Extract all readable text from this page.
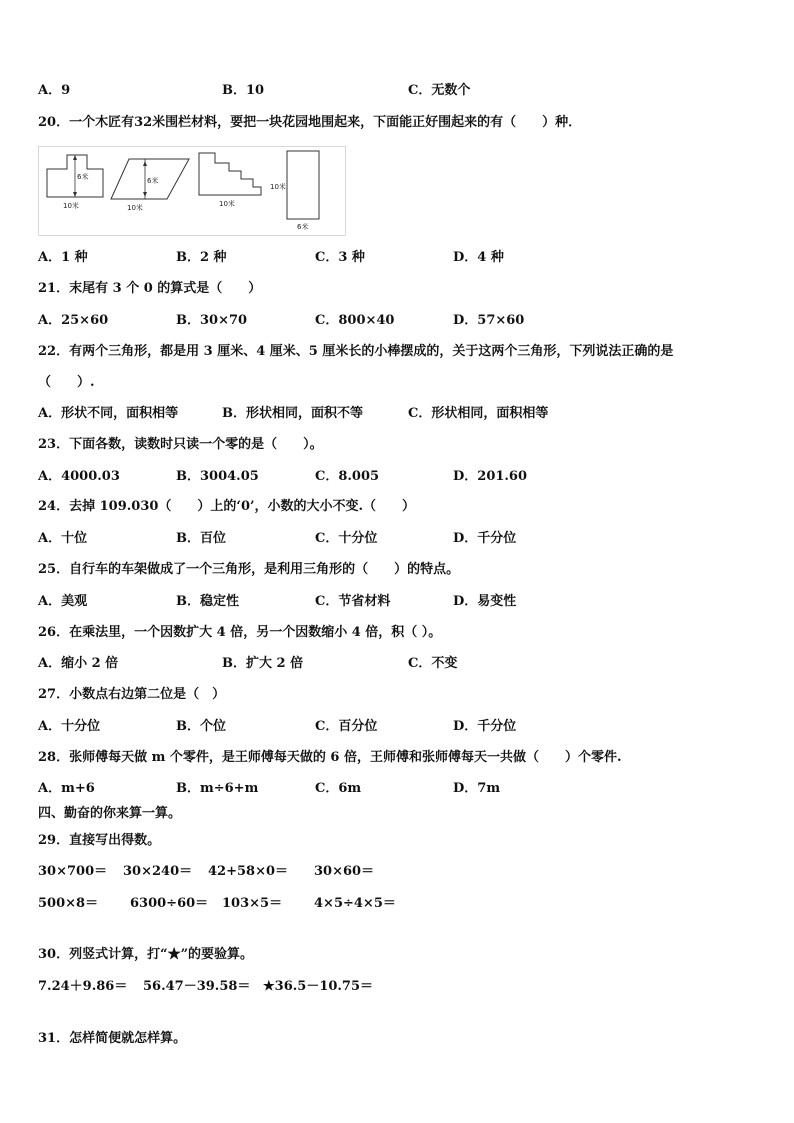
A．9	B．10	C．无数个
20．一个木匠有32米围栏材料，要把一块花园地围起来，下面能正好围起来的有（　　）种．
6米
10米
6米
10米	10米
10米
6米
A．1 种	B．2 种	C．3 种	D．4 种
21．末尾有 3 个 0 的算式是（　　）
A．25×60	B．30×70	C．800×40	D．57×60
22．有两个三角形，都是用 3 厘米、4 厘米、5 厘米长的小棒摆成的，关于这两个三角形，下列说法正确的是
（　　）.
A．形状不同，面积相等	B．形状相同，面积不等	C．形状相同，面积相等
23．下面各数，读数时只读一个零的是（　　）。
A．4000.03	B．3004.05	C．8.005	D．201.60
24．去掉 109.030（　　）上的‘0’，小数的大小不变.（　　）
A．十位	B．百位	C．十分位	D．千分位
25．自行车的车架做成了一个三角形，是利用三角形的（　　）的特点。
A．美观	B．稳定性	C．节省材料	D．易变性
26．在乘法里，一个因数扩大 4 倍，另一个因数缩小 4 倍，积（ ）。
A．缩小 2 倍	B．扩大 2 倍	C．不变
27．小数点右边第二位是（　）
A．十分位	B．个位	C．百分位	D．千分位
28．张师傅每天做 m 个零件，是王师傅每天做的 6 倍，王师傅和张师傅每天一共做（　　）个零件.
A．m+6	B．m÷6+m	C．6m	D．7m
四、勤奋的你来算一算。
29．直接写出得数。
30×700＝ 30×240＝ 42+58×0＝ 30×60＝
500×8＝ 6300÷60＝ 103×5＝ 4×5÷4×5＝
30．列竖式计算，打“★”的要验算。
7.24＋9.86＝ 56.47－39.58＝ ★36.5－10.75＝
31．怎样简便就怎样算。
